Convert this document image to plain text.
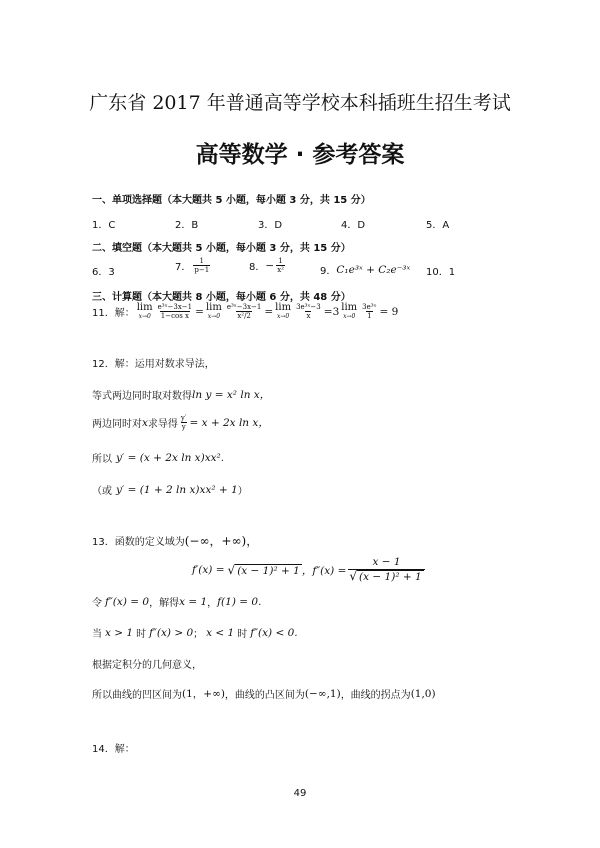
广东省 2017 年普通高等学校本科插班生招生考试
高等数学 · 参考答案
一、单项选择题（本大题共 5 小题，每小题 3 分，共 15 分）
1．C	2．B	3．D	4．D	5．A
二、填空题（本大题共 5 小题，每小题 3 分，共 15 分）
6．3	7． $\frac{1}{p-1}$	8． − $\frac{1}{\text{x²}}$	9． C₁e³ˣ + C₂e⁻³ˣ 10．1
三、计算题（本大题共 8 小题，每小题 6 分，共 48 分）
11．解：
lim
$x\to 0 \frac{\text{e³ˣ−3x−1}}{\text{1−cos x}} = \lim$
$x\to 0 \frac{\text{e³ˣ−3x−1}}{\text{x²/2}} = \lim$
$x\to 0 \frac{\text{3e³ˣ−3}}{x} = 3$ lim
$x\to 0 \frac{\text{3e³ˣ}}{1} = 9$
12．解：运用对数求导法，
等式两边同时取对数得 ln y = x² ln x，
两边同时对 x 求导得 $\frac{y'}{y} = x + 2x$ ln x，
所以 y′ = (x + 2x ln x)x x² .
（或 y′ = (1 + 2 ln x)x x² + 1 ）
13．函数的定义域为 (−∞，+∞)，
f′(x) = √ (x − 1)² + 1 ，$f''(x) = \frac{x - 1}{\text{√ (x − 1)² + 1}}$
令 f″(x) = 0 ，解得 x = 1 ， f(1) = 0.
当 x > 1 时 f″(x) > 0 ； x < 1 时 f″(x) < 0.
根据定积分的几何意义，
所以曲线的凹区间为 (1，+∞) ，曲线的凸区间为 (−∞,1) ，曲线的拐点为 (1,0)
14．解：
49
